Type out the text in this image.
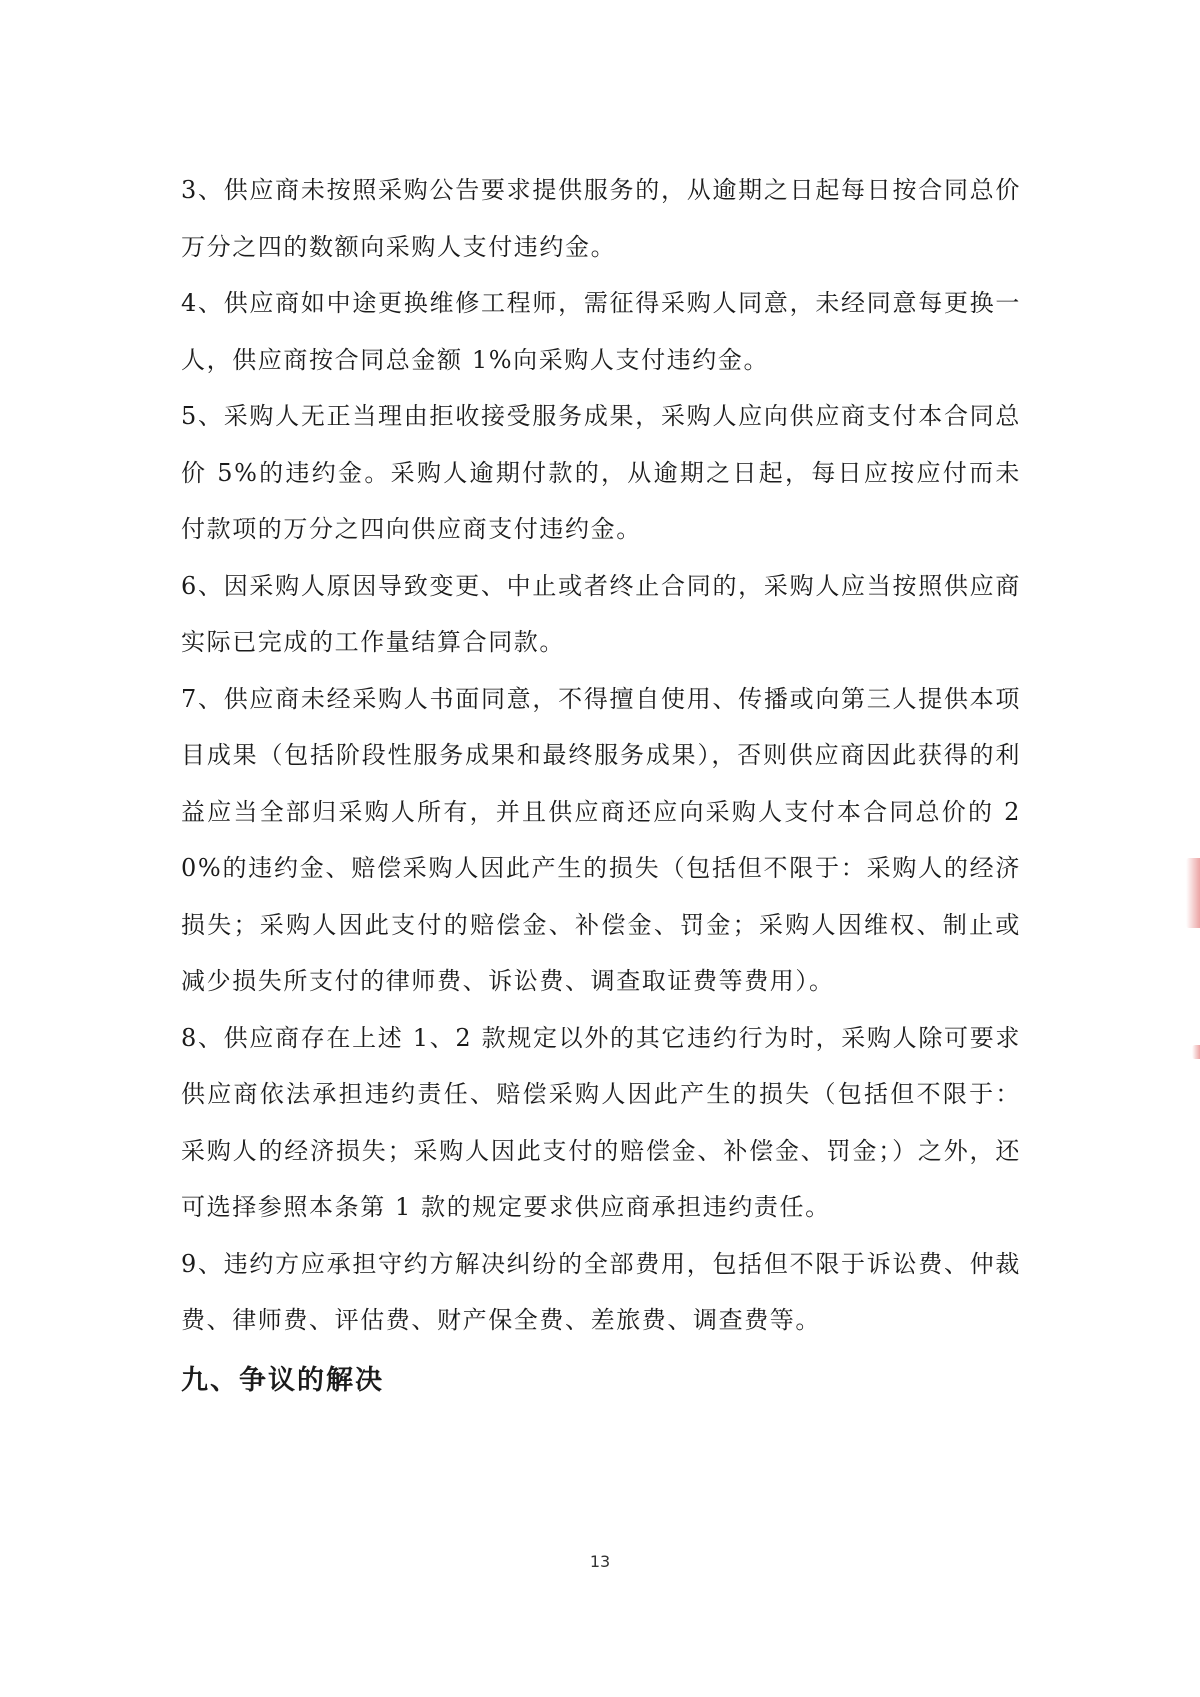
3、供应商未按照采购公告要求提供服务的，从逾期之日起每日按合同总价万分之四的数额向采购人支付违约金。

4、供应商如中途更换维修工程师，需征得采购人同意，未经同意每更换一人，供应商按合同总金额 1%向采购人支付违约金。

5、采购人无正当理由拒收接受服务成果，采购人应向供应商支付本合同总价 5%的违约金。采购人逾期付款的，从逾期之日起，每日应按应付而未付款项的万分之四向供应商支付违约金。

6、因采购人原因导致变更、中止或者终止合同的，采购人应当按照供应商实际已完成的工作量结算合同款。

7、供应商未经采购人书面同意，不得擅自使用、传播或向第三人提供本项目成果（包括阶段性服务成果和最终服务成果），否则供应商因此获得的利益应当全部归采购人所有，并且供应商还应向采购人支付本合同总价的 20%的违约金、赔偿采购人因此产生的损失（包括但不限于：采购人的经济损失；采购人因此支付的赔偿金、补偿金、罚金；采购人因维权、制止或减少损失所支付的律师费、诉讼费、调查取证费等费用）。

8、供应商存在上述 1、2 款规定以外的其它违约行为时，采购人除可要求供应商依法承担违约责任、赔偿采购人因此产生的损失（包括但不限于：采购人的经济损失；采购人因此支付的赔偿金、补偿金、罚金；）之外，还可选择参照本条第 1 款的规定要求供应商承担违约责任。

9、违约方应承担守约方解决纠纷的全部费用，包括但不限于诉讼费、仲裁费、律师费、评估费、财产保全费、差旅费、调查费等。

九、争议的解决
13
